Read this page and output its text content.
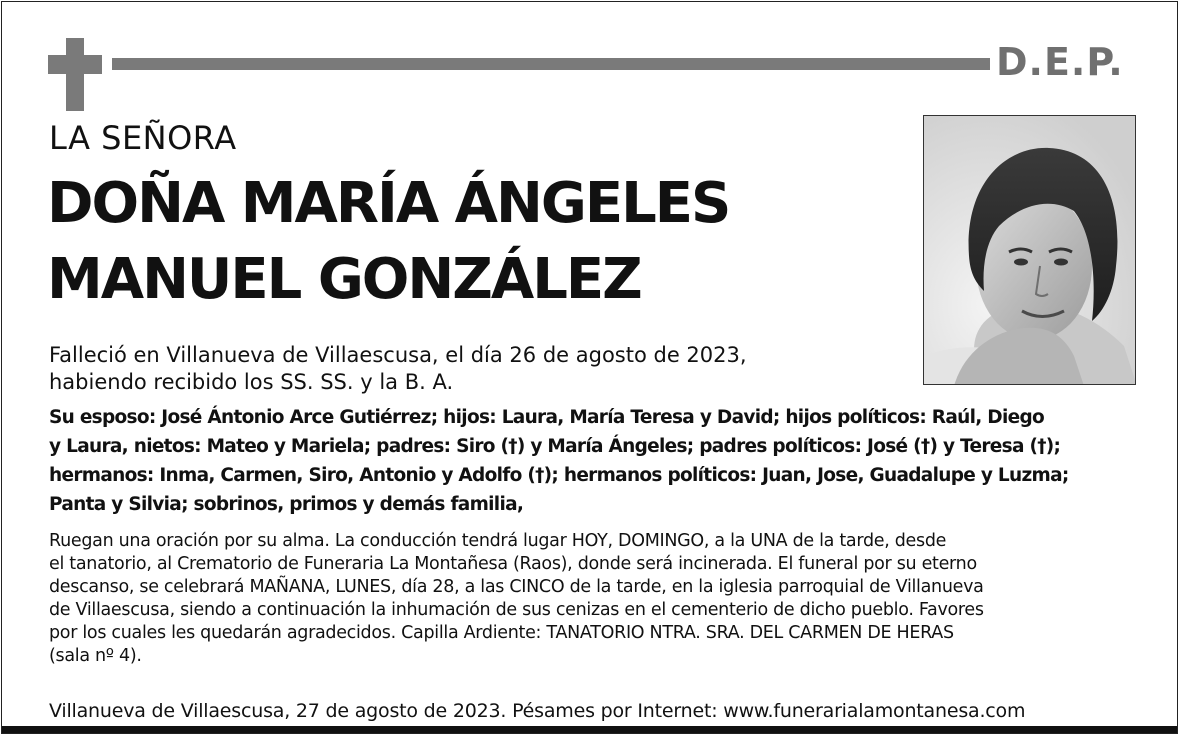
D.E.P.
LA SEÑORA
DOÑA MARÍA ÁNGELES
MANUEL GONZÁLEZ
Falleció en Villanueva de Villaescusa, el día 26 de agosto de 2023,
habiendo recibido los SS. SS. y la B. A.
Su esposo: José Ántonio Arce Gutiérrez; hijos: Laura, María Teresa y David; hijos políticos: Raúl, Diego
y Laura, nietos: Mateo y Mariela; padres: Siro (†) y María Ángeles; padres políticos: José (†) y Teresa (†);
hermanos: Inma, Carmen, Siro, Antonio y Adolfo (†); hermanos políticos: Juan, Jose, Guadalupe y Luzma;
Panta y Silvia; sobrinos, primos y demás familia,
Ruegan una oración por su alma. La conducción tendrá lugar HOY, DOMINGO, a la UNA de la tarde, desde
el tanatorio, al Crematorio de Funeraria La Montañesa (Raos), donde será incinerada. El funeral por su eterno
descanso, se celebrará MAÑANA, LUNES, día 28, a las CINCO de la tarde, en la iglesia parroquial de Villanueva
de Villaescusa, siendo a continuación la inhumación de sus cenizas en el cementerio de dicho pueblo. Favores
por los cuales les quedarán agradecidos. Capilla Ardiente: TANATORIO NTRA. SRA. DEL CARMEN DE HERAS
(sala nº 4).
Villanueva de Villaescusa, 27 de agosto de 2023. Pésames por Internet: www.funerarialamontanesa.com
